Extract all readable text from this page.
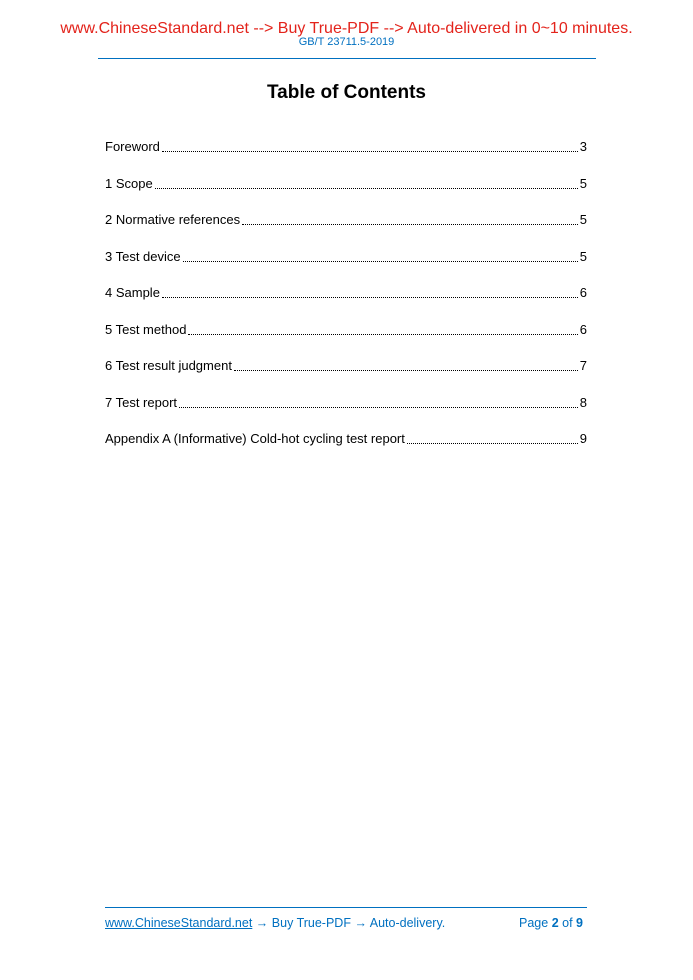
www.ChineseStandard.net --> Buy True-PDF --> Auto-delivered in 0~10 minutes.
GB/T 23711.5-2019
Table of Contents
Foreword	3
1 Scope	5
2 Normative references	5
3 Test device	5
4 Sample	6
5 Test method	6
6 Test result judgment	7
7 Test report	8
Appendix A (Informative) Cold-hot cycling test report	9
www.ChineseStandard.net → Buy True-PDF → Auto-delivery.	Page 2 of 9
